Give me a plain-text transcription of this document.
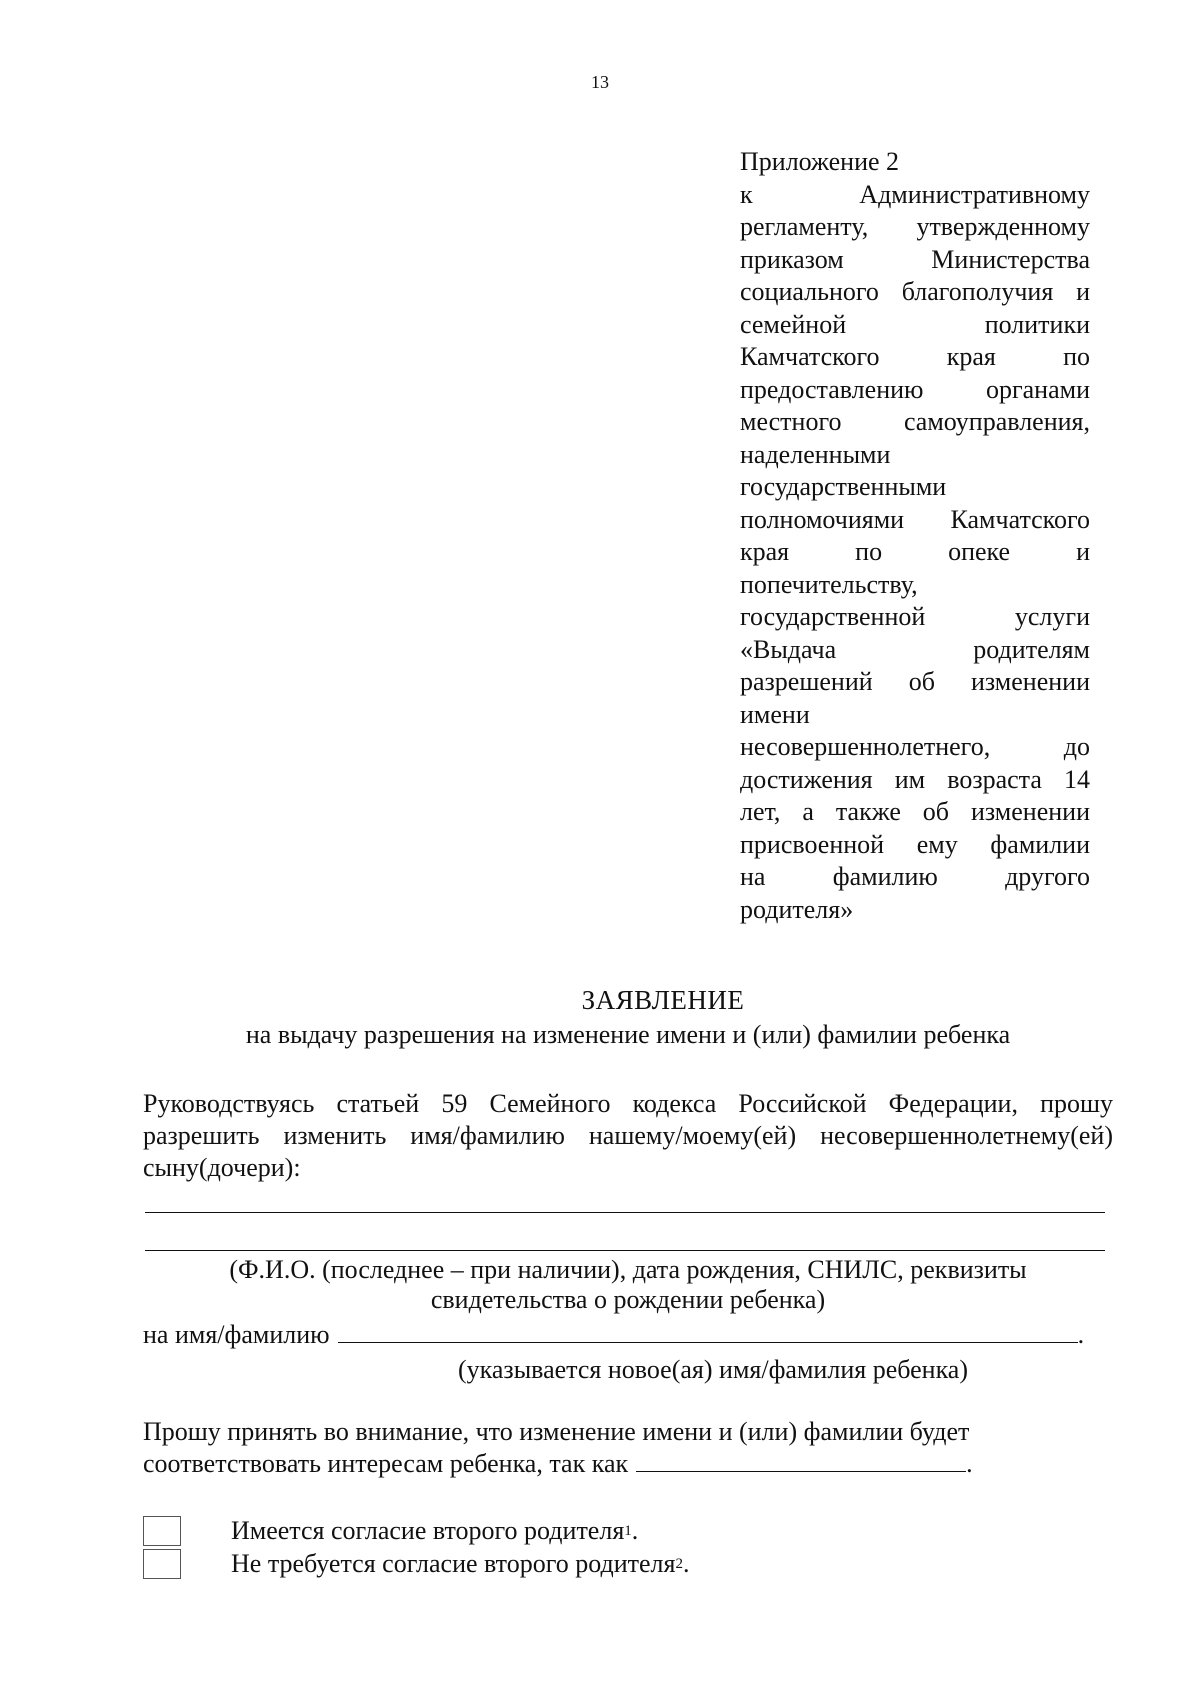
13
Приложение 2
к Административному
регламенту, утвержденному
приказом Министерства
социального благополучия и
семейной политики
Камчатского края по
предоставлению органами
местного самоуправления,
наделенными
государственными
полномочиями Камчатского
края по опеке и
попечительству,
государственной услуги
«Выдача родителям
разрешений об изменении
имени
несовершеннолетнего, до
достижения им возраста 14
лет, а также об изменении
присвоенной ему фамилии
на фамилию другого
родителя»
ЗАЯВЛЕНИЕ
на выдачу разрешения на изменение имени и (или) фамилии ребенка
Руководствуясь статьей 59 Семейного кодекса Российской Федерации, прошу
разрешить изменить имя/фамилию нашему/моему(ей) несовершеннолетнему(ей)
сыну(дочери):
(Ф.И.О. (последнее – при наличии), дата рождения, СНИЛС, реквизиты
свидетельства о рождении ребенка)
на имя/фамилию	.
(указывается новое(ая) имя/фамилия ребенка)
Прошу принять во внимание, что изменение имени и (или) фамилии будет
соответствовать интересам ребенка, так как	.
Имеется согласие второго родителя 1 .
Не требуется согласие второго родителя 2 .
